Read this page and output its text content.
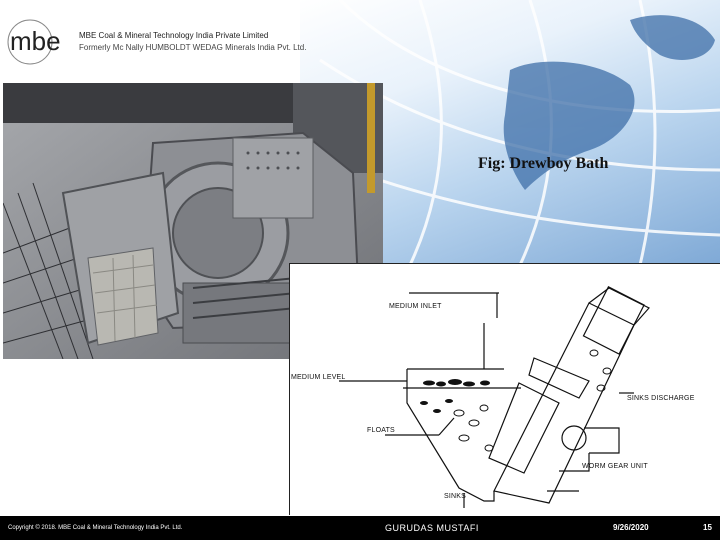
mbe MBE Coal & Mineral Technology India Private Limited
Formerly Mc Nally HUMBOLDT WEDAG Minerals India Pvt. Ltd.
Fig: Drewboy Bath
MEDIUM INLET
MEDIUM LEVEL
FLOATS
SINKS
SINKS DISCHARGE
WORM GEAR UNIT
Copyright © 2018. MBE Coal & Mineral Technology India Pvt. Ltd.	GURUDAS MUSTAFI	9/26/2020	15
